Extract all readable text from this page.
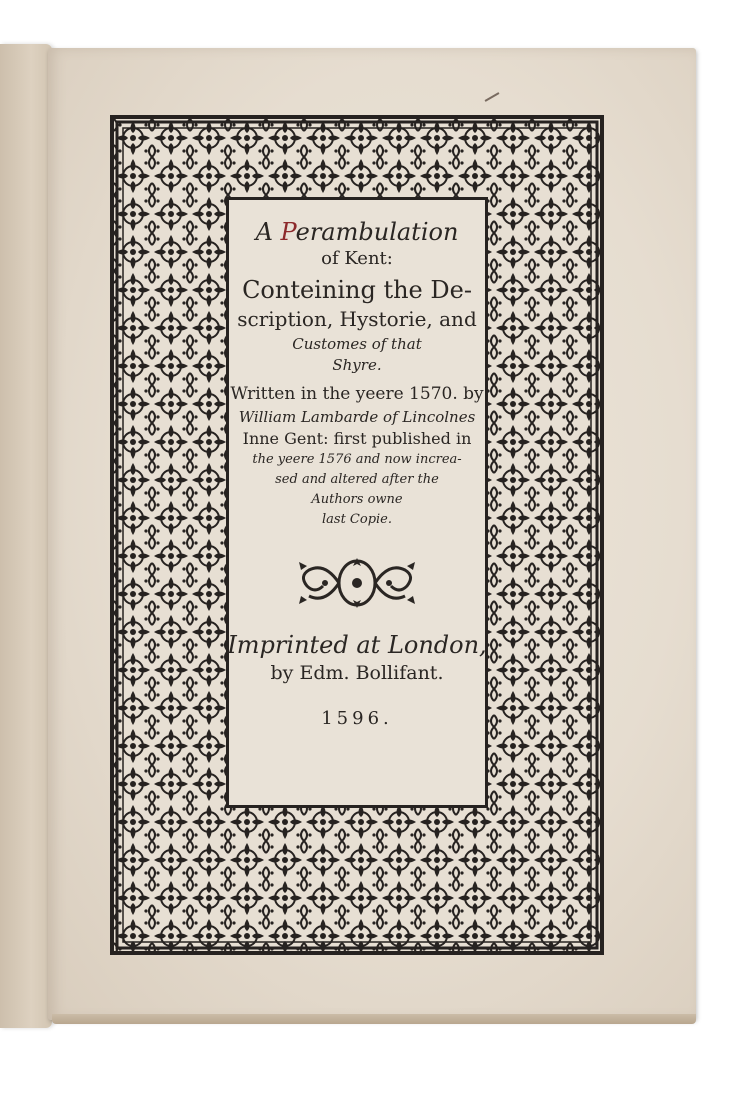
A Perambulation
of Kent:
Conteining the De-
scription, Hystorie, and
Customes of that
Shyre.
Written in the yeere 1570. by
William Lambarde of Lincolnes
Inne Gent: first published in
the yeere 1576 and now increa-
sed and altered after the
Authors owne
last Copie.
Imprinted at London,
by Edm. Bollifant.
1596.
